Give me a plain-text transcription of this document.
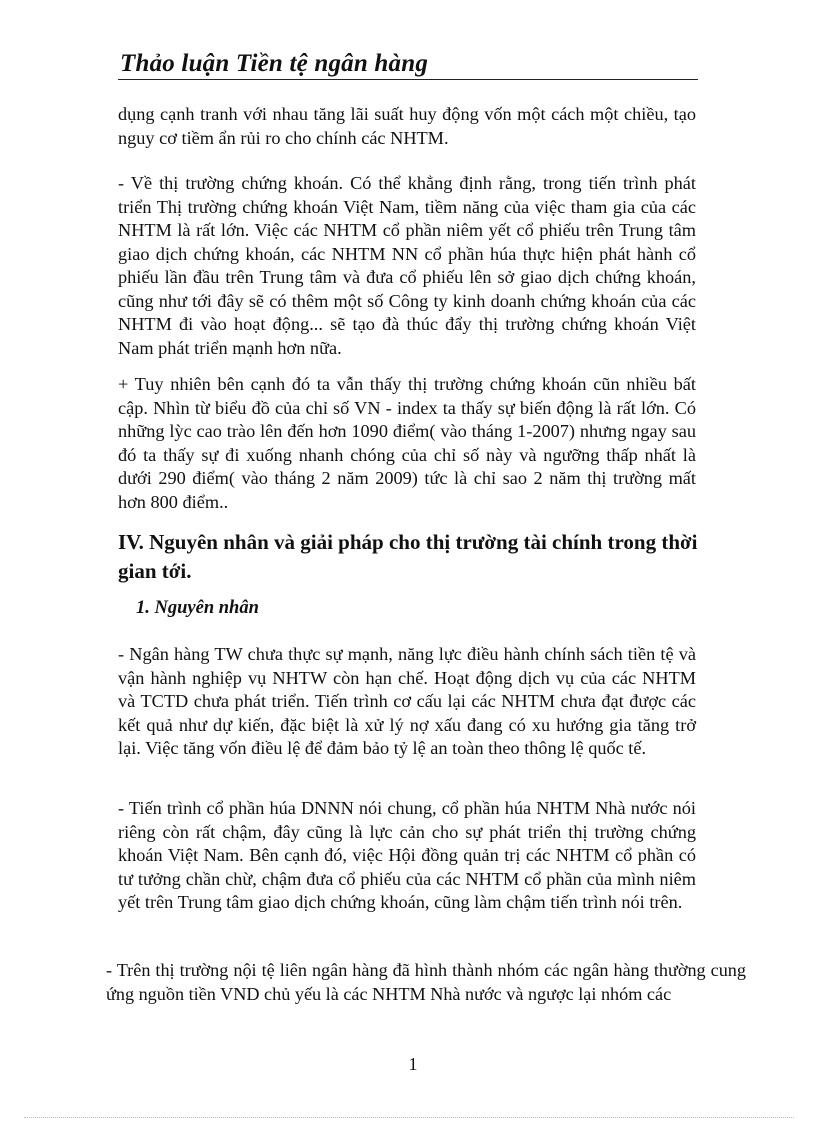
Thảo luận Tiền tệ ngân hàng

dụng cạnh tranh với nhau tăng lãi suất huy động vốn một cách một chiều, tạo nguy cơ tiềm ẩn rủi ro cho chính các NHTM.

- Về thị trường chứng khoán. Có thể khẳng định rằng, trong tiến trình phát triển Thị trường chứng khoán Việt Nam, tiềm năng của việc tham gia của các NHTM là rất lớn. Việc các NHTM cổ phần niêm yết cổ phiếu trên Trung tâm giao dịch chứng khoán, các NHTM NN cổ phần húa thực hiện phát hành cổ phiếu lần đầu trên Trung tâm và đưa cổ phiếu lên sở giao dịch chứng khoán, cũng như tới đây sẽ có thêm một số Công ty kinh doanh chứng khoán của các NHTM đi vào hoạt động... sẽ tạo đà thúc đẩy thị trường chứng khoán Việt Nam phát triển mạnh hơn nữa.

+ Tuy nhiên bên cạnh đó ta vẫn thấy thị trường chứng khoán cũn nhiều bất cập. Nhìn từ biểu đồ của chỉ số VN - index ta thấy sự biến động là rất lớn. Có những lỳc cao trào lên đến hơn 1090 điểm( vào tháng 1-2007) nhưng ngay sau đó ta thấy sự đi xuống nhanh chóng của chỉ số này và ngưỡng thấp nhất là dưới 290 điểm( vào tháng 2 năm 2009) tức là chỉ sao 2 năm thị trường mất hơn 800 điểm..

IV. Nguyên nhân và giải pháp cho thị trường tài chính trong thời gian tới.
1. Nguyên nhân

- Ngân hàng TW chưa thực sự mạnh, năng lực điều hành chính sách tiền tệ và vận hành nghiệp vụ NHTW còn hạn chế. Hoạt động dịch vụ của các NHTM và TCTD chưa phát triển. Tiến trình cơ cấu lại các NHTM chưa đạt được các kết quả như dự kiến, đặc biệt là xử lý nợ xấu đang có xu hướng gia tăng trở lại. Việc tăng vốn điều lệ để đảm bảo tỷ lệ an toàn theo thông lệ quốc tế.

- Tiến trình cổ phần húa DNNN nói chung, cổ phần húa NHTM Nhà nước nói riêng còn rất chậm, đây cũng là lực cản cho sự phát triển thị trường chứng khoán Việt Nam. Bên cạnh đó, việc Hội đồng quản trị các NHTM cổ phần có tư tưởng chần chừ, chậm đưa cổ phiếu của các NHTM cổ phần của mình niêm yết trên Trung tâm giao dịch chứng khoán, cũng làm chậm tiến trình nói trên.

- Trên thị trường nội tệ liên ngân hàng đã hình thành nhóm các ngân hàng thường cung ứng nguồn tiền VND chủ yếu là các NHTM Nhà nước và ngược lại nhóm các

1
